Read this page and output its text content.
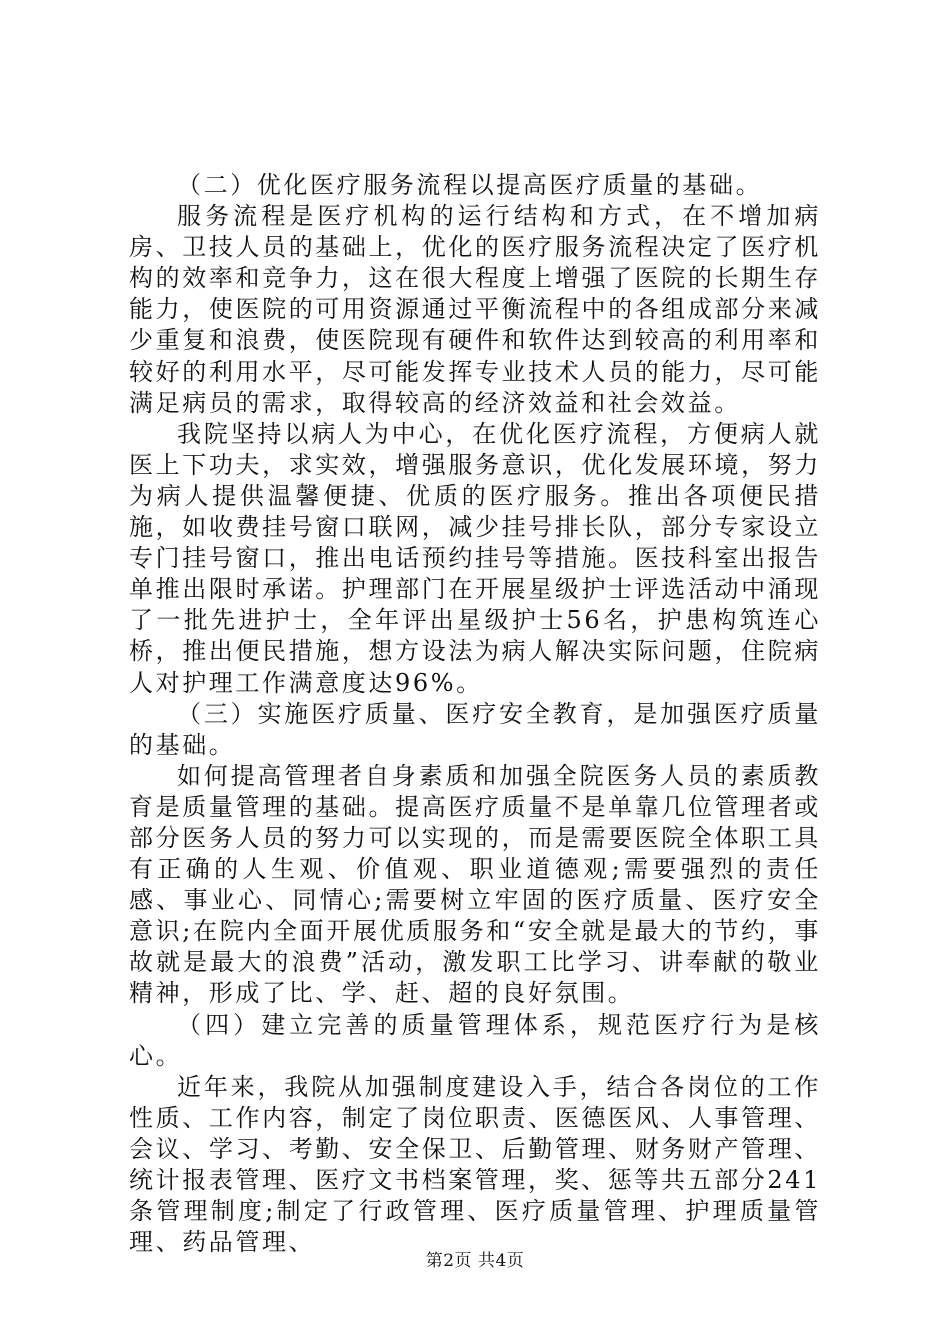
（二）优化医疗服务流程以提高医疗质量的基础。

服务流程是医疗机构的运行结构和方式，在不增加病房、卫技人员的基础上，优化的医疗服务流程决定了医疗机构的效率和竞争力，这在很大程度上增强了医院的长期生存能力，使医院的可用资源通过平衡流程中的各组成部分来减少重复和浪费，使医院现有硬件和软件达到较高的利用率和较好的利用水平，尽可能发挥专业技术人员的能力，尽可能满足病员的需求，取得较高的经济效益和社会效益。

我院坚持以病人为中心，在优化医疗流程，方便病人就医上下功夫，求实效，增强服务意识，优化发展环境，努力为病人提供温馨便捷、优质的医疗服务。推出各项便民措施，如收费挂号窗口联网，减少挂号排长队，部分专家设立专门挂号窗口，推出电话预约挂号等措施。医技科室出报告单推出限时承诺。护理部门在开展星级护士评选活动中涌现了一批先进护士，全年评出星级护士56名，护患构筑连心桥，推出便民措施，想方设法为病人解决实际问题，住院病人对护理工作满意度达96%。

（三）实施医疗质量、医疗安全教育，是加强医疗质量的基础。

如何提高管理者自身素质和加强全院医务人员的素质教育是质量管理的基础。提高医疗质量不是单靠几位管理者或部分医务人员的努力可以实现的，而是需要医院全体职工具有正确的人生观、价值观、职业道德观;需要强烈的责任感、事业心、同情心;需要树立牢固的医疗质量、医疗安全意识;在院内全面开展优质服务和“安全就是最大的节约，事故就是最大的浪费”活动，激发职工比学习、讲奉献的敬业精神，形成了比、学、赶、超的良好氛围。

（四）建立完善的质量管理体系，规范医疗行为是核心。

近年来，我院从加强制度建设入手，结合各岗位的工作性质、工作内容，制定了岗位职责、医德医风、人事管理、会议、学习、考勤、安全保卫、后勤管理、财务财产管理、统计报表管理、医疗文书档案管理，奖、惩等共五部分241条管理制度;制定了行政管理、医疗质量管理、护理质量管理、药品管理、

第2页 共4页
